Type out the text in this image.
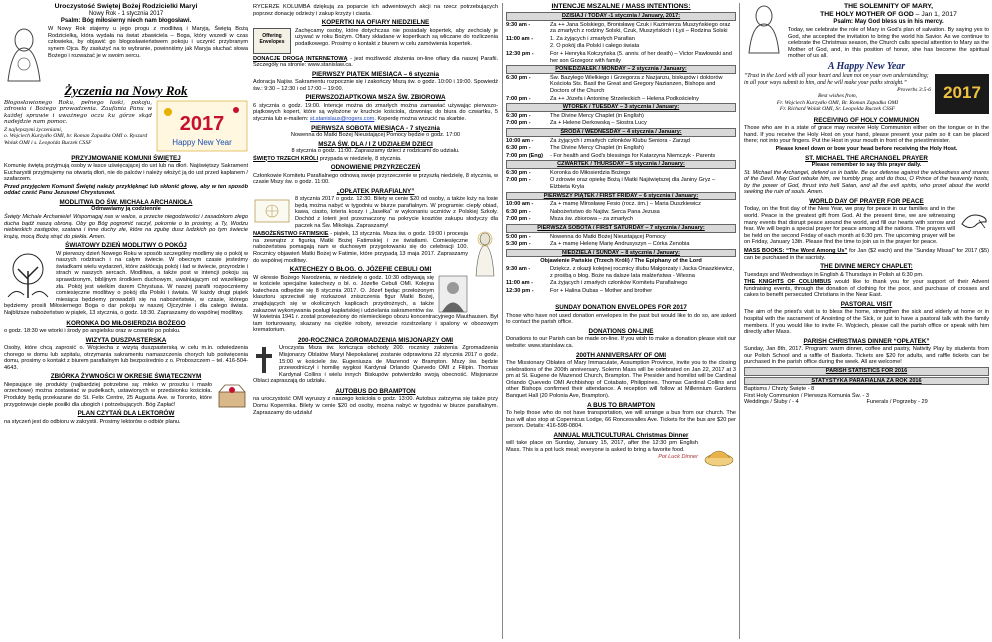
Uroczystość Świętej Bożej Rodzicielki Maryi
Nowy Rok - 1 stycznia 2017
Psalm: Bóg miłosierny niech nam błogosławi.
W Nowy Rok stajemy u jego progu z modlitwą i Maryją, Świętą Bożą Rodzicielką, która wydała na świat zbawiciela – Boga, który wszedł w czas człowieka, by objawić go błogosławieństwem pokoju i uczynić przybranym synem Ojca. By zasłużyć na to wybranie, powinniśmy jak Maryja słuchać słowa Bożego i rozważać je w swoim sercu.
Życzenia na Nowy Rok
2017
Happy New Year
Błogosławionego Roku, pełnego łaski, pokoju, zdrowia i Bożego prowadzenia. Zaufania Panu w każdej sprawie i uważnego oczu ku górze skąd nadejdzie nam pomoc.
Z najlepszymi życzeniami,
o. Wojciech Kurzydło OMI, br. Roman Zapadka OMI o. Ryszard Wolak OMI i s. Leopolda Buczek CSSF
PRZYJMOWANIE KOMUNII ŚWIĘTEJ
Komunię świętą przyjmują osoby w łasce uświęcającej do ust lub na dłoń. Najświętszy Sakrament Eucharystii przyjmujemy na otwartą dłoń, nie do palców i należy włożyć ją do ust przed kapłanem / szafarzem.
Przed przyjęciem Komunii Świętej należy przyklęknąć lub skłonić głowę, aby w ten sposób oddać cześć Panu Jezusowi Chrystusowi.
MODLITWA DO ŚW. MICHAŁA ARCHANIOŁA
Odmawiamy ją codziennie
Święty Michale Archaniele! Wspomagaj nas w walce, a przeciw niegodziwości i zasadzkom złego ducha bądź naszą obroną. Oby go Bóg pogromić raczył, pokornie o to prosimy, a Ty, Wodzu niebieskich zastępów, szatana i inne duchy złe, które na zgubę dusz ludzkich po tym świecie krążą, mocą Bożą strąć do piekła. Amen.
ŚWIATOWY DZIEŃ MODLITWY O POKÓJ
W pierwszy dzień Nowego Roku w sposób szczególny modlimy się o pokój w naszych rodzinach i na całym świecie. W obecnym czasie jesteśmy świadkami wielu wydarzeń, które zakłócają pokój i ład w świecie, przyrodzie i strach w naszych sercach. Modlitwa, a także post w intencji pokoju są sprawdzonym, biblijnym środkiem duchowym, uwalniającym od wszelkiego zła. Pokój jest wielkim darem Chrystusa. W naszej parafii rozpoczniemy comiesięczne modlitwy o pokój dla Polski i świata. W każdy drugi piątek miesiąca będziemy prowadzili się na nabożeństwie, w czasie, którego będziemy prosili Miłosiernego Boga o dar pokoju w naszej Ojczyźnie i dla całego świata. Najbliższe nabożeństwo w piątek, 13 stycznia, o godz. 18:30. Zapraszamy do wspólnej modlitwy.
KORONKA DO MIŁOSIERDZIA BOŻEGO
o godz. 18:30 we wtorki i środy po angielsku oraz w czwartki po polsku.
WIZYTA DUSZPASTERSKA
Osoby, które chcą zaprosić o. Wojciecha z wizytą duszpasterską w celu m.in. odwiedzenia chorego w domu lub szpitalu, otrzymania sakramentu namaszczenia chorych lub poświęcenia domu, prosimy o kontakt z biurem parafialnym lub bezpośrednio z o. Proboszczem – tel. 416-504-4643.
ZBIÓRKA ŻYWNOŚCI W OKRESIE ŚWIĄTECZNYM
Niepsujące się produkty (najbardziej potrzebne są: mleko w proszku i masło orzechowe) można zostawiać w pudełkach, ustawionych w przedsionku kościoła. Produkty będą przekazane do St. Felix Centre, 25 Augusta Ave. w Toronto, które przygotowuje ciepłe posiłki dla ubogich i potrzebujących. Bóg Zapłać!
PLAN CZYTAŃ DLA LEKTORÓW
na styczeń jest do odbioru w zakrystii. Prosimy lektorów o odbiór planu.
RYCERZE KOLUMBA dziękują za poparcie ich adwentowych akcji na rzecz potrzebujących poprzez donację odzieży i zakup krzyży i ciasta.
KOPERTKI NA OFIARY NIEDZIELNE
Offering Envelopes
Zachęcamy osoby, które dotychczas nie posiadały kopertek, aby zechciały je używać w roku Bożym. Ofiary składane w kopertkach są wliczane do rozliczenia podatkowego. Prosimy o kontakt z biurem w celu zamówienia kopertek.
DONACJE DROGĄ INTERNETOWĄ - jest możliwość złożenia on-line ofiary dla naszej Parafii. Szczegóły na stronie: www.stanislaw.ca.
PIERWSZY PIĄTEK MIESIĄCA – 6 stycznia
Adoracja Najśw. Sakramentu rozpocznie się i zakończy Mszą św. o godz. 10:00 i 19:00. Spowiedź św.: 9:30 – 12:30 i od 17:00 – 19:00.
PIERWSZOZIAPTKOWA MSZA ŚW. ZBIOROWA
6 stycznia o godz. 19:00. Intencje można do zmarłych można zamawiać używając pierwszo-piątkowych kopert, które są wyłożone w kruchcie kościoła, dzwoniąc do biura do czwartku, 5 stycznia lub e-mailem: st.stanislaus@rogers.com. Koperdę można wrzucić na skarbie.
PIERWSZA SOBOTA MIESIĄCA - 7 stycznia
Nowenna do Matki Bożej Nieustającej Pomocy będzie o godz. 17:00
MSZA ŚW. DLA / I Z UDZIAŁEM DZIECI
8 stycznia o godz. 11:00. Zapraszamy dzieci z rodzicami do udziału.
ŚWIĘTO TRZECH KRÓLI przypada w niedzielę, 8 stycznia.
ODNOWIENIE PRZYRZECZEŃ
Członkowie Komitetu Parafialnego odnową swoje przyrzeczenie w przyszłą niedzielę, 8 stycznia, w czasie Mszy św. o godz. 11:00.
„OPŁATEK PARAFIALNY”
8 stycznia 2017 o godz. 12:30. Bilety w cenie $20 od osoby, a także loży na losie będą można nabyć w tygodniu w biurze parafialnym. W programie: ciepły obiad, kawa, ciasto, loteria koszy i „Jasełka” w wykonaniu uczniów z Polskiej Szkoły. Dochód z loterii jest przeznaczony na pokrycie kosztów zakupu słodyczy dla paczek na Św. Mikołaja. Zapraszamy!
NABOŻEŃSTWO FATIMSKIE - piątek, 13 stycznia. Msza św. o godz. 19:00 i procesja na zewnątrz z figurką Matki Bożej Fatimskiej i ze światłami. Comiesięczne nabożeństwa pomagają nam w duchowym przygotowaniu się do celebracji 100. Rocznicy objawień Matki Bożej w Fatimie, które przypadą 13 maja 2017. Zapraszamy do wspólnej modlitwy.
KATECHEZY O BŁOG. O. JÓZEFIE CEBULI OMI
W okresie Bożego Narodzenia, w niedzielę o godz. 10:30 odbywają się w kościele specjalne katechezy o bł. o. Józefie Cebuli OMI. Kolejna katecheza odbędzie się 8 stycznia 2017. O. Józef będąc przełożonym klasztoru sprzeciwił się rozkazowi zniszczenia figur Matki Bożej, znajdujących się w okolicznych kaplicach przydrożnych, a także zakazowi wykonywania posługi kapłańskiej i udzielania sakramentów św. W kwietnia 1941 r. został przewieziony do niemieckiego obozu koncentracyjnego Mauthausen. Był tam torturowany, skazany na ciężkie roboty, wreszcie rozstrzelany i spalony w obozowym krematorium.
200-ROCZNICA ZGROMADZENIA MISJONARZY OMI
Uroczysta Msza św. kończąca obchody 200. rocznicy założenia Zgromadzenia Misjonarzy Oblatów Maryi Niepokalanej zostanie odprawiona 22 stycznia 2017 o godz. 15:00 w kościele św. Eugeniusza de Mazenod w Brampton. Mszy św. będzie przewodniczył i homilię wygłosi Kardynał Orlando Quevedo OMI z Filipin. Thomas Kardynał Collins i wielu innych Biskupów potwierdziło swoją obecność. Misjonarze Oblaci zapraszają do udziału.
AUTOBUS DO BRAMPTON
na uroczystość OMI wyruszy z naszego kościoła o godz. 13:00. Autobus zatrzyma się także przy Domu Kopernika. Bilety w cenie $20 od osoby, można nabyć w tygodniu w biurze parafialnym. Zapraszamy do udziału!
INTENCJE MSZALNE / MASS INTENTIONS:
DZISIAJ / TODAY -1 stycznia / January, 2017:
9:30 am -	Za ++ Jana Solskiego, Bronisławę Czuk i Kazimierza Muszyńskiego oraz za zmarłych z rodziny Solski, Czuk, Muszyńskich i Łyś – Rodzina Solski
11:00 am -	1. Za żyjących i zmarłych Parafian
2. O pokój dla Polski i całego świata
12:30 pm -	For + Henryka Kołczyńska (5. anniv. of her death) – Victor Pawłowski and her son Grzegorz with family
PONIEDZIAŁEK / MONDAY – 2 stycznia / January:
6:30 pm -	Św. Bazylego Wielkiego i Grzegorza z Nazjanzu, biskupów i doktorów Kościoła Sts. Basil the Great and Gregory Nazianzen, Bishops and Doctors of the Church
7:00 pm -	Za ++ Józefa i Antoninę Strzeleckich – Helena Podkościelny
WTOREK / TUESDAY – 3 stycznia / January:
6:30 pm -	The Divine Mercy Chaplet (in English)
7:00 pm -	Za + Helene Derkowską – Siostra Lucy
ŚRODA / WEDNESDAY – 4 stycznia / January:
10:00 am -	Za żyjących i zmarłych członków Klubu Seniora - Zarząd
6:30 pm -	The Divine Mercy Chaplet (in English)
7:00 pm (Eng)	- For health and God's blessings for Katarzyna Niemczyk - Parents
CZWARTEK / THURSDAY – 5 stycznia / January:
6:30 pm -	Koronka do Miłosierdzia Bożego
7:00 pm -	O zdrowie oraz opiekę Bożą i Matki Najświętszej dla Janiny Gryz – Elżbieta Kryla
PIERWSZY PIĄTEK / FIRST FRIDAY – 6 stycznia / January:
10:00 am -	Za + mamę Mirosławę Fesio (rocz. śm.) – Maria Duszkiewicz
6:30 pm -	Nabożeństwo do Najśw. Serca Pana Jezusa
7:00 pm -	Msza św. zbiorowa – za zmarłych
PIERWSZA SOBOTA / FIRST SATURDAY – 7 stycznia / January:
5:00 pm -	Nowenna do Matki Bożej Nieustającej Pomocy
5:30 pm -	Za + mamę Helenę Marię Andrusyszyn – Córka Zenobia
NIEDZIELA / SUNDAY – 8 stycznia / January:
Objawienie Pańskie (Trzech Króli) / The Epiphany of the Lord
9:30 am -	Dziękcz. z okazji kolejnej rocznicy ślubu Małgorzaty i Jacka Onaszkiewicz, z prośbą o błog. Boże na dalsze lata małżeństwa - Wiesna
11:00 am -	Za żyjących i zmarłych członków Komitetu Parafialnego
12:30 pm -	For + Halina Dubas – Mother and brother
SUNDAY DONATION ENVELOPES FOR 2017
Those who have not used donation envelopes in the past but would like to do so, are asked to contact the parish office.
DONATIONS ON-LINE
Donations to our Parish can be made on-line. If you wish to make a donation please visit our website: www.stanislaw.ca.
200TH ANNIVERSARY OF OMI
The Missionary Oblates of Mary Immaculate, Assumption Province, invite you to the closing celebrations of the 200th anniversary. Solemn Mass will be celebrated on Jan 22, 2017 at 3 pm at St. Eugene de Mazenod Church, Brampton. The Presider and homilist will be Cardinal Orlando Quevedo OMI Archbishop of Cotabato, Philippines. Thomas Cardinal Collins and other Bishops confirmed their attendance. A reception will follow at Millennium Gardens Banquet Hall (20 Polonia Ave, Brampton).
A BUS TO BRAMPTON
To help those who do not have transportation, we will arrange a bus from our church. The bus will also stop at Copernicus Lodge, 66 Roncesvalles Ave. Tickets for the bus are $20 per person. Details: 416-598-0804.
ANNUAL MULTICULTURAL Christmas Dinner
will take place on Sunday, January 15, 2017, after the 12:30 pm English Mass. This is a pot luck meal; everyone is asked to bring a favorite food.
Pot Luck Dinner
THE SOLEMNITY OF MARY,
THE HOLY MOTHER OF GOD – Jan 1, 2017
Psalm: May God bless us in his mercy.
Today, we celebrate the role of Mary in God's plan of salvation. By saying yes to God, she accepted the invitation to bring the world his Savior. As we continue to celebrate the Christmas season, the Church calls special attention to Mary as the Mother of God, and, in this position of honor, she has become the spiritual mother of us all.
A Happy New Year
2017
“Trust in the Lord with all your heart and lean not on your own understanding; in all your ways submit to him, and he will make your paths straight.”
Proverbs 3:5-6
Best wishes from,
Fr. Wojciech Kurzydło OMI, Br. Roman Zapadka OMI
Fr. Richard Wolak OMI, Sr. Leopolda Buczek CSSF
RECEIVING OF HOLY COMMUNION
Those who are in a state of grace may receive Holy Communion either on the tongue or in the hand. If you receive the Holy Host on your hand, please present your palm so it can be placed there; not into your fingers. Put the Host in your mouth in front of the priest/minister.
Please kneel down or bow your head before receiving the Holy Host.
ST. MICHAEL THE ARCHANGEL PRAYER
Please remember to say this prayer daily.
St. Michael the Archangel, defend us in battle. Be our defense against the wickedness and snares of the Devil. May God rebuke him, we humbly pray, and do thou, O Prince of the heavenly hosts, by the power of God, thrust into hell Satan, and all the evil spirits, who prowl about the world seeking the ruin of souls. Amen.
WORLD DAY OF PRAYER FOR PEACE
Today, on the first day of the New Year, we pray for peace in our families and in the world. Peace is the greatest gift from God. At the present time, we are witnessing many events that disrupt peace around the world, and fill our hearts with sorrow and fear. We will begin a special prayer for peace among all the nations. The prayers will be held on the second Friday of each month at 6:30 pm. The upcoming prayer will be on Friday, January 13th. Please find the time to join us in the prayer for peace.
MASS BOOKS: “The Word Among Us” for Jan ($2 each) and the “Sunday Missal” for 2017 ($5) can be purchased in the sacristy.
THE DIVINE MERCY CHAPLET:
Tuesdays and Wednesdays in English & Thursdays in Polish at 6:30 pm.
THE KNIGHTS OF COLUMBUS would like to thank you for your support of their Advent fundraising events, through the donation of clothing for the poor, and purchase of crosses and cakes to benefit persecuted Christians in the Near East.
PASTORAL VISIT
The aim of the priest's visit is to bless the home, strengthen the sick and elderly at home or in hospital with the sacrament of Anointing of the Sick, or just to have a pastoral talk with the family members. If you would like to invite Fr. Wojciech, please call the parish office or speak with him directly after Mass.
PARISH CHRISTMAS DINNER “OPŁATEK”
Sunday, Jan 8th, 2017. Program: warm dinner, coffee and pastry, Nativity Play by students from our Polish School and a raffle of Baskets. Tickets are $20 for adults, and raffle tickets can be purchased in the parish office during the week. All are welcome!
PARISH STATISTICS FOR 2016
STATYSTYKA PARAFIALNA ZA ROK 2016
Baptisms / Chrzty Święte - 8
First Holy Communion / Pierwsza Komunia Św. - 3
Weddings / Śluby / - 4	Funerals / Pogrzeby - 29
